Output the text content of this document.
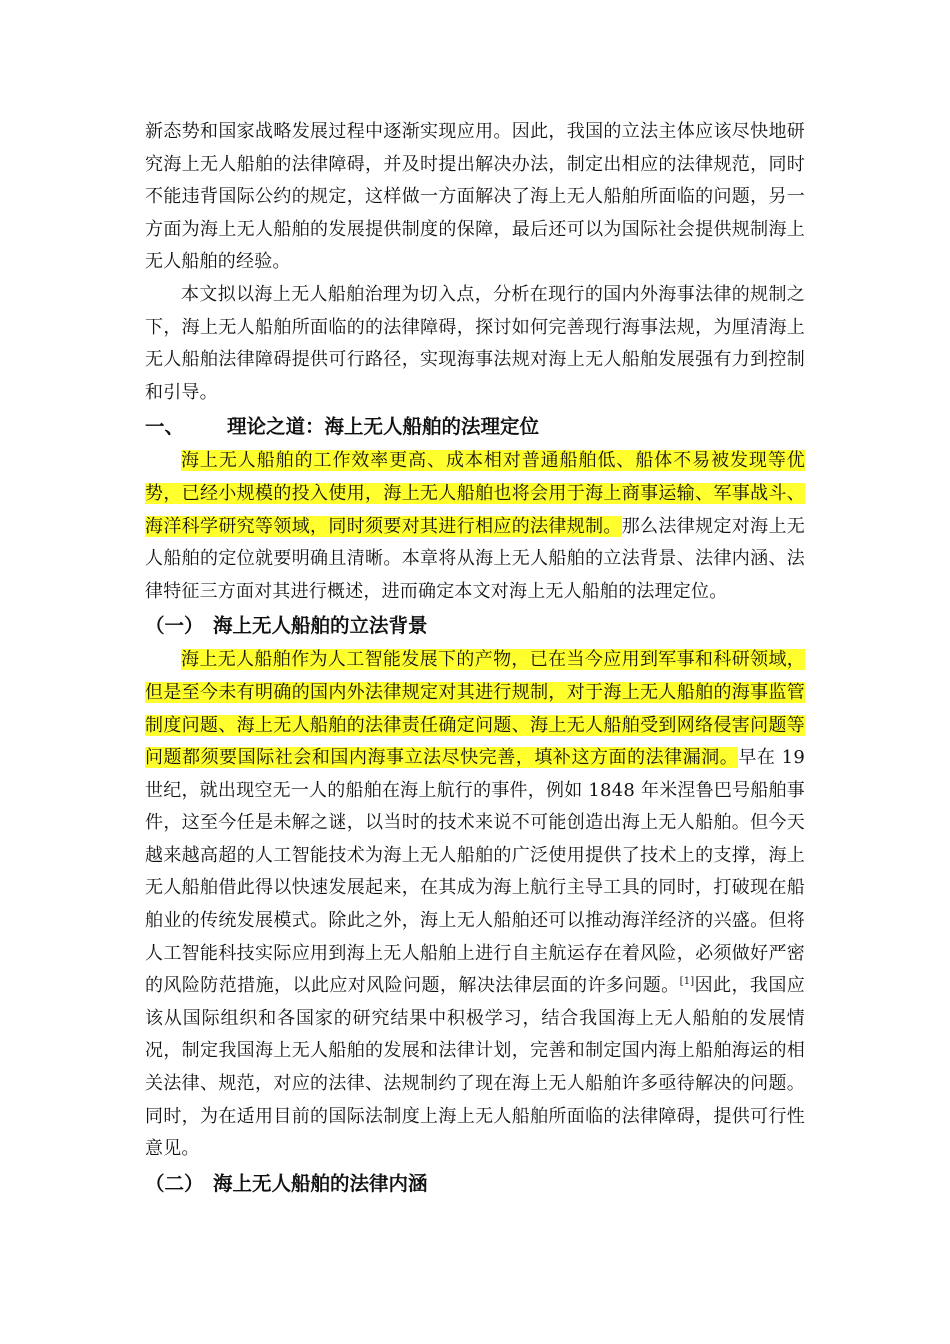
新态势和国家战略发展过程中逐渐实现应用。因此，我国的立法主体应该尽快地研究海上无人船舶的法律障碍，并及时提出解决办法，制定出相应的法律规范，同时不能违背国际公约的规定，这样做一方面解决了海上无人船舶所面临的问题，另一方面为海上无人船舶的发展提供制度的保障，最后还可以为国际社会提供规制海上无人船舶的经验。

本文拟以海上无人船舶治理为切入点，分析在现行的国内外海事法律的规制之下，海上无人船舶所面临的的法律障碍，探讨如何完善现行海事法规，为厘清海上无人船舶法律障碍提供可行路径，实现海事法规对海上无人船舶发展强有力到控制和引导。

一、	理论之道：海上无人船舶的法理定位

海上无人船舶的工作效率更高、成本相对普通船舶低、船体不易被发现等优势，已经小规模的投入使用，海上无人船舶也将会用于海上商事运输、军事战斗、海洋科学研究等领域，同时须要对其进行相应的法律规制。那么法律规定对海上无人船舶的定位就要明确且清晰。本章将从海上无人船舶的立法背景、法律内涵、法律特征三方面对其进行概述，进而确定本文对海上无人船舶的法理定位。

（一） 海上无人船舶的立法背景

海上无人船舶作为人工智能发展下的产物，已在当今应用到军事和科研领域，但是至今未有明确的国内外法律规定对其进行规制，对于海上无人船舶的海事监管制度问题、海上无人船舶的法律责任确定问题、海上无人船舶受到网络侵害问题等问题都须要国际社会和国内海事立法尽快完善，填补这方面的法律漏洞。早在 19 世纪，就出现空无一人的船舶在海上航行的事件，例如 1848 年米涅鲁巴号船舶事件，这至今任是未解之谜，以当时的技术来说不可能创造出海上无人船舶。但今天越来越高超的人工智能技术为海上无人船舶的广泛使用提供了技术上的支撑，海上无人船舶借此得以快速发展起来，在其成为海上航行主导工具的同时，打破现在船舶业的传统发展模式。除此之外，海上无人船舶还可以推动海洋经济的兴盛。但将人工智能科技实际应用到海上无人船舶上进行自主航运存在着风险，必须做好严密的风险防范措施，以此应对风险问题，解决法律层面的许多问题。[1]因此，我国应该从国际组织和各国家的研究结果中积极学习，结合我国海上无人船舶的发展情况，制定我国海上无人船舶的发展和法律计划，完善和制定国内海上船舶海运的相关法律、规范，对应的法律、法规制约了现在海上无人船舶许多亟待解决的问题。同时，为在适用目前的国际法制度上海上无人船舶所面临的法律障碍，提供可行性意见。

（二） 海上无人船舶的法律内涵
